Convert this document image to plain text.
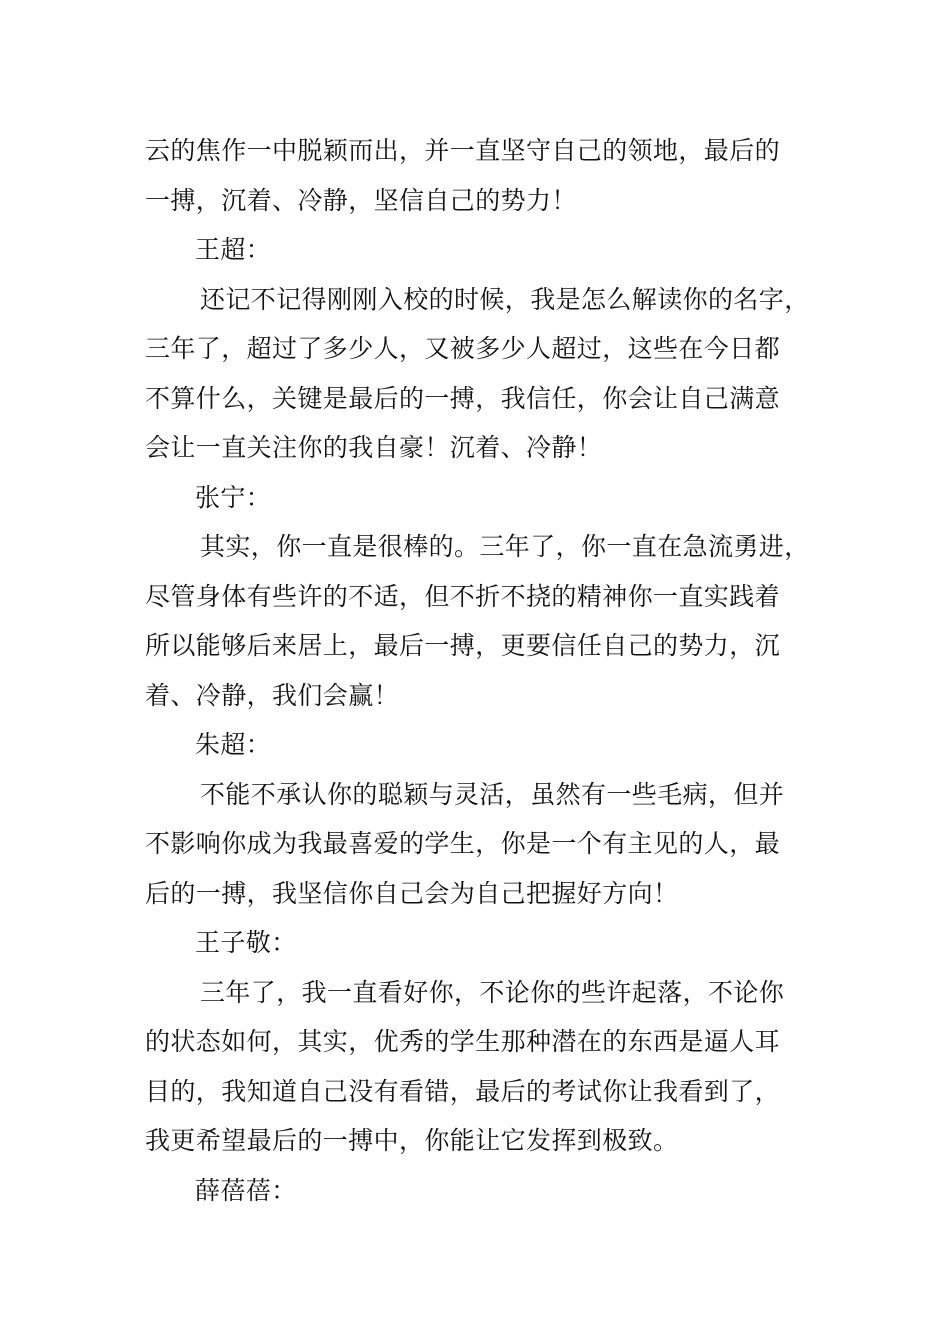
云的焦作一中脱颖而出，并一直坚守自己的领地，最后的
一搏，沉着、冷静，坚信自己的势力！
王超：
还记不记得刚刚入校的时候，我是怎么解读你的名字，
三年了，超过了多少人，又被多少人超过，这些在今日都
不算什么，关键是最后的一搏，我信任，你会让自己满意
会让一直关注你的我自豪！沉着、冷静！
张宁：
其实，你一直是很棒的。三年了，你一直在急流勇进，
尽管身体有些许的不适，但不折不挠的精神你一直实践着
所以能够后来居上，最后一搏，更要信任自己的势力，沉
着、冷静，我们会赢！
朱超：
不能不承认你的聪颖与灵活，虽然有一些毛病，但并
不影响你成为我最喜爱的学生，你是一个有主见的人，最
后的一搏，我坚信你自己会为自己把握好方向！
王子敬：
三年了，我一直看好你，不论你的些许起落，不论你
的状态如何，其实，优秀的学生那种潜在的东西是逼人耳
目的，我知道自己没有看错，最后的考试你让我看到了，
我更希望最后的一搏中，你能让它发挥到极致。
薛蓓蓓：
